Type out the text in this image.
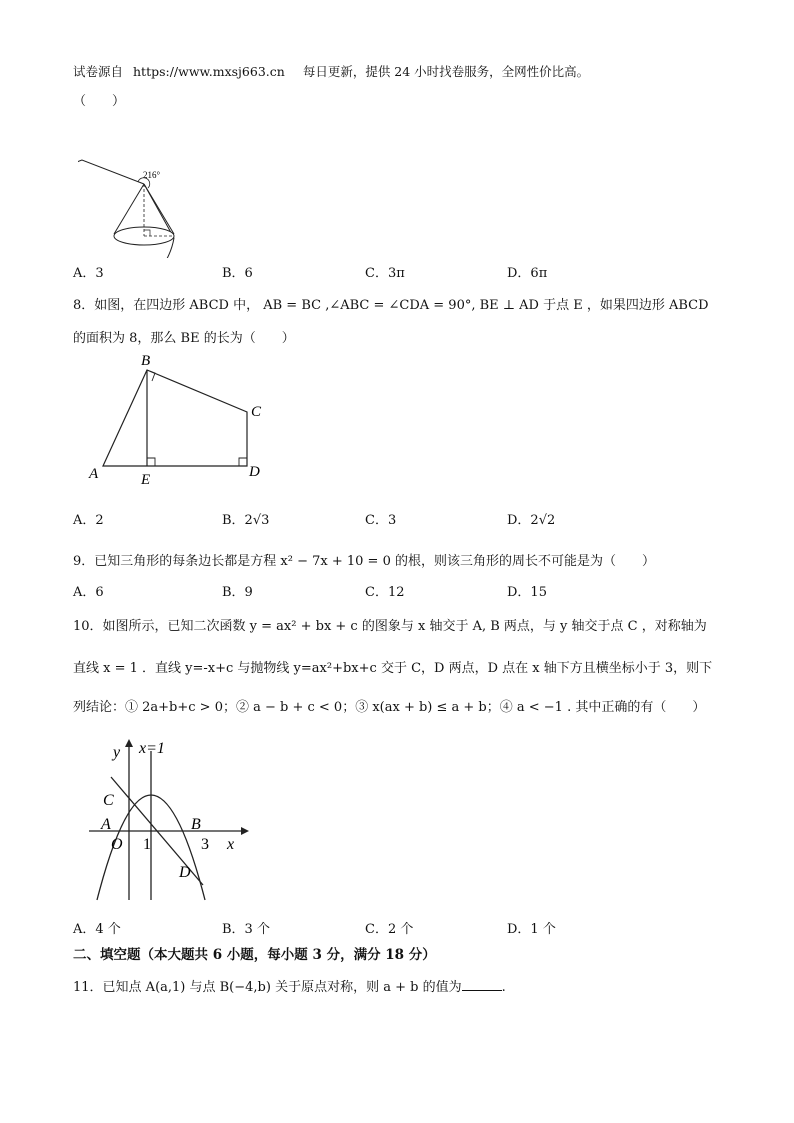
试卷源自 https://www.mxsj663.cn 每日更新，提供 24 小时找卷服务，全网性价比高。
（　　）
216°
A．3	B．6	C．3π	D．6π
8．如图，在四边形 ABCD 中， AB = BC ,∠ABC = ∠CDA = 90°, BE ⊥ AD 于点 E ，如果四边形 ABCD
的面积为 8，那么 BE 的长为（　　）
A
B
C
D
E
A．2	B．2√3	C．3	D．2√2
9．已知三角形的每条边长都是方程 x² − 7x + 10 = 0 的根，则该三角形的周长不可能是为（　　）
A．6	B．9	C．12	D．15
10．如图所示，已知二次函数 y = ax² + bx + c 的图象与 x 轴交于 A, B 两点，与 y 轴交于点 C ，对称轴为
直线 x = 1 ．直线 y=-x+c 与抛物线 y=ax²+bx+c 交于 C，D 两点，D 点在 x 轴下方且横坐标小于 3，则下
列结论：① 2a+b+c > 0；② a − b + c < 0；③ x(ax + b) ≤ a + b；④ a < −1 . 其中正确的有（　　）
y x=1
C
A
O 1
B
3 x
D
A．4 个	B．3 个	C．2 个	D．1 个
二、填空题（本大题共 6 小题，每小题 3 分，满分 18 分）
11．已知点 A(a,1) 与点 B(−4,b) 关于原点对称，则 a + b 的值为	.
